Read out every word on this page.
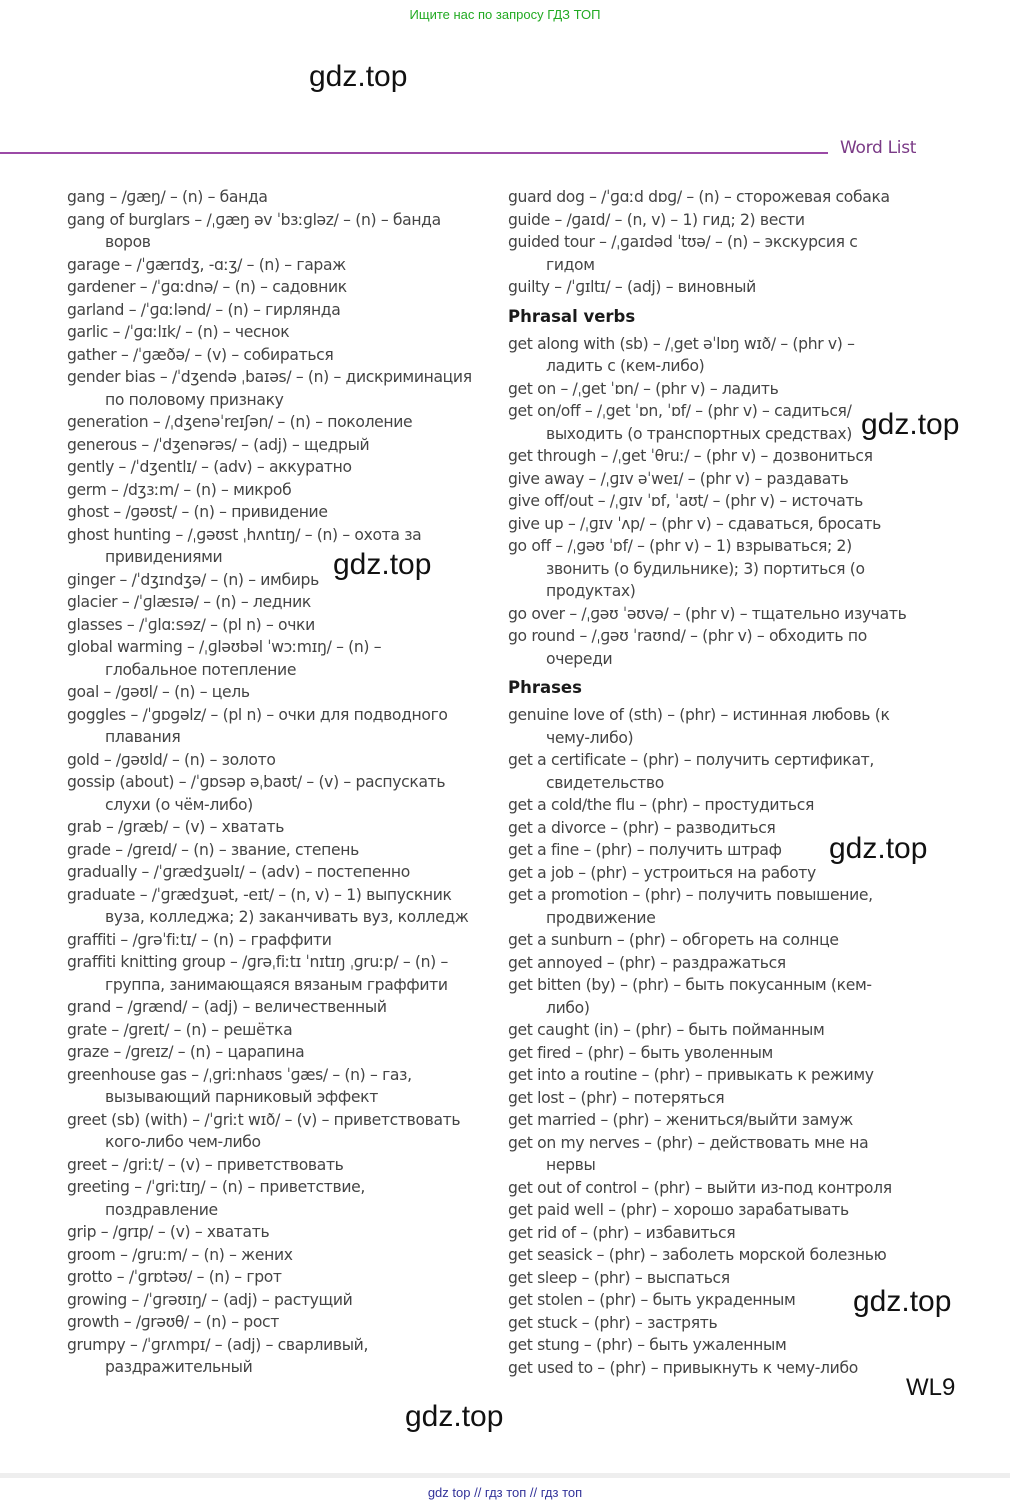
Ищите нас по запросу ГДЗ ТОП
gdz.top
gdz.top
gdz.top
gdz.top
gdz.top
gdz.top
Word List
gang – /ɡæŋ/ – (n) – банда
gang of burglars – /ˌɡæŋ əv ˈbɜːɡləz/ – (n) – банда воров
garage – /ˈɡærɪdʒ, -ɑːʒ/ – (n) – гараж
gardener – /ˈɡɑːdnə/ – (n) – садовник
garland – /ˈɡɑːlənd/ – (n) – гирлянда
garlic – /ˈɡɑːlɪk/ – (n) – чеснок
gather – /ˈɡæðə/ – (v) – собираться
gender bias – /ˈdʒendə ˌbaɪəs/ – (n) – дискриминация по половому признаку
generation – /ˌdʒenəˈreɪʃən/ – (n) – поколение
generous – /ˈdʒenərəs/ – (adj) – щедрый
gently – /ˈdʒentlɪ/ – (adv) – аккуратно
germ – /dʒɜːm/ – (n) – микроб
ghost – /ɡəʊst/ – (n) – привидение
ghost hunting – /ˌɡəʊst ˌhʌntɪŋ/ – (n) – охота за привидениями
ginger – /ˈdʒɪndʒə/ – (n) – имбирь
glacier – /ˈɡlæsɪə/ – (n) – ледник
glasses – /ˈɡlɑːsɘz/ – (pl n) – очки
global warming – /ˌɡləʊbəl ˈwɔːmɪŋ/ – (n) – глобальное потепление
goal – /ɡəʊl/ – (n) – цель
goggles – /ˈɡɒɡəlz/ – (pl n) – очки для подводного плавания
gold – /ɡəʊld/ – (n) – золото
gossip (about) – /ˈɡɒsəp əˌbaʊt/ – (v) – распускать слухи (о чём-либо)
grab – /ɡræb/ – (v) – хватать
grade – /ɡreɪd/ – (n) – звание, степень
gradually – /ˈɡrædʒuəlɪ/ – (adv) – постепенно
graduate – /ˈɡrædʒuət, -eɪt/ – (n, v) – 1) выпускник вуза, колледжа; 2) заканчивать вуз, колледж
graffiti – /ɡrəˈfiːtɪ/ – (n) – граффити
graffiti knitting group – /ɡrəˌfiːtɪ ˈnɪtɪŋ ˌɡruːp/ – (n) – группа, занимающаяся вязаным граффити
grand – /ɡrænd/ – (adj) – величественный
grate – /ɡreɪt/ – (n) – решётка
graze – /ɡreɪz/ – (n) – царапина
greenhouse gas – /ˌɡriːnhaʊs ˈɡæs/ – (n) – газ, вызывающий парниковый эффект
greet (sb) (with) – /ˈɡriːt wɪð/ – (v) – приветствовать кого-либо чем-либо
greet – /ɡriːt/ – (v) – приветствовать
greeting – /ˈɡriːtɪŋ/ – (n) – приветствие, поздравление
grip – /ɡrɪp/ – (v) – хватать
groom – /ɡruːm/ – (n) – жених
grotto – /ˈɡrɒtəʊ/ – (n) – грот
growing – /ˈɡrəʊɪŋ/ – (adj) – растущий
growth – /ɡrəʊθ/ – (n) – рост
grumpy – /ˈɡrʌmpɪ/ – (adj) – сварливый, раздражительный
guard dog – /ˈɡɑːd dɒɡ/ – (n) – сторожевая собака
guide – /ɡaɪd/ – (n, v) – 1) гид; 2) вести
guided tour – /ˌɡaɪdəd ˈtʊə/ – (n) – экскурсия с гидом
guilty – /ˈɡɪltɪ/ – (adj) – виновный
Phrasal verbs
get along with (sb) – /ˌget əˈlɒŋ wɪð/ – (phr v) – ладить с (кем-либо)
get on – /ˌget ˈɒn/ – (phr v) – ладить
get on/off – /ˌget ˈɒn, ˈɒf/ – (phr v) – садиться/выходить (о транспортных средствах)
get through – /ˌget ˈθruː/ – (phr v) – дозвониться
give away – /ˌɡɪv əˈweɪ/ – (phr v) – раздавать
give off/out – /ˌɡɪv ˈɒf, ˈaʊt/ – (phr v) – источать
give up – /ˌɡɪv ˈʌp/ – (phr v) – сдаваться, бросать
go off – /ˌɡəʊ ˈɒf/ – (phr v) – 1) взрываться; 2) звонить (о будильнике); 3) портиться (о продуктах)
go over – /ˌɡəʊ ˈəʊvə/ – (phr v) – тщательно изучать
go round – /ˌɡəʊ ˈraʊnd/ – (phr v) – обходить по очереди
Phrases
genuine love of (sth) – (phr) – истинная любовь (к чему-либо)
get a certificate – (phr) – получить сертификат, свидетельство
get a cold/the flu – (phr) – простудиться
get a divorce – (phr) – разводиться
get a fine – (phr) – получить штраф
get a job – (phr) – устроиться на работу
get a promotion – (phr) – получить повышение, продвижение
get a sunburn – (phr) – обгореть на солнце
get annoyed – (phr) – раздражаться
get bitten (by) – (phr) – быть покусанным (кем-либо)
get caught (in) – (phr) – быть пойманным
get fired – (phr) – быть уволенным
get into a routine – (phr) – привыкать к режиму
get lost – (phr) – потеряться
get married – (phr) – жениться/выйти замуж
get on my nerves – (phr) – действовать мне на нервы
get out of control – (phr) – выйти из-под контроля
get paid well – (phr) – хорошо зарабатывать
get rid of – (phr) – избавиться
get seasick – (phr) – заболеть морской болезнью
get sleep – (phr) – выспаться
get stolen – (phr) – быть украденным
get stuck – (phr) – застрять
get stung – (phr) – быть ужаленным
get used to – (phr) – привыкнуть к чему-либо
WL9
gdz top // гдз топ // гдз топ
